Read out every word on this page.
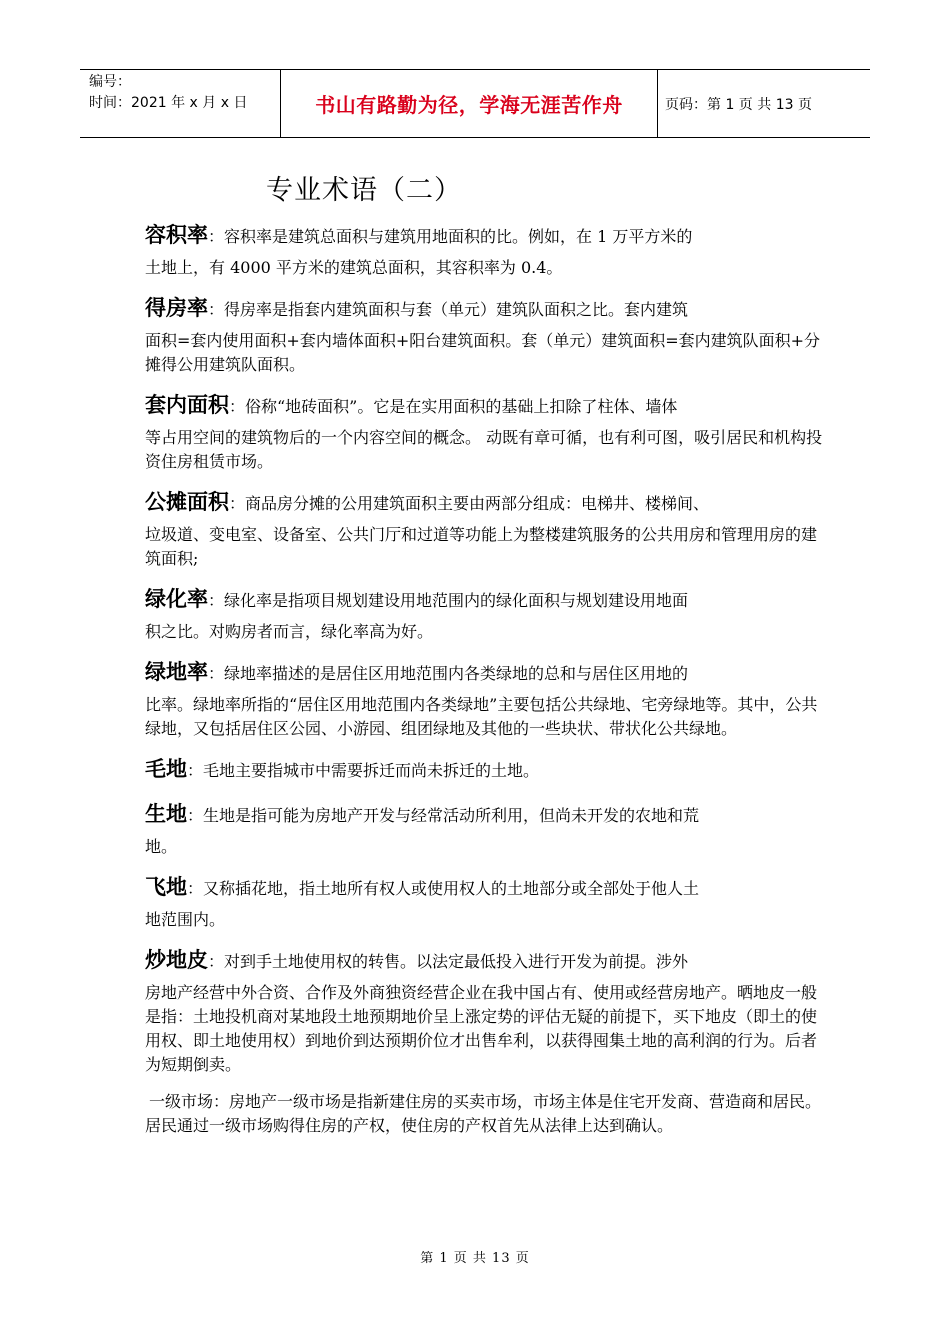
编号：
时间：2021 年 x 月 x 日	书山有路勤为径，学海无涯苦作舟	页码：第 1 页 共 13 页
专业术语（二）
容积率：容积率是建筑总面积与建筑用地面积的比。例如，在 1 万平方米的
土地上，有 4000 平方米的建筑总面积，其容积率为 0.4。
得房率：得房率是指套内建筑面积与套（单元）建筑队面积之比。套内建筑
面积=套内使用面积+套内墙体面积+阳台建筑面积。套（单元）建筑面积=套内建筑队面积+分摊得公用建筑队面积。
套内面积：俗称“地砖面积”。它是在实用面积的基础上扣除了柱体、墙体
等占用空间的建筑物后的一个内容空间的概念。 动既有章可循，也有利可图，吸引居民和机构投资住房租赁市场。
公摊面积：商品房分摊的公用建筑面积主要由两部分组成：电梯井、楼梯间、
垃圾道、变电室、设备室、公共门厅和过道等功能上为整楼建筑服务的公共用房和管理用房的建筑面积;
绿化率：绿化率是指项目规划建设用地范围内的绿化面积与规划建设用地面
积之比。对购房者而言，绿化率高为好。
绿地率：绿地率描述的是居住区用地范围内各类绿地的总和与居住区用地的
比率。绿地率所指的“居住区用地范围内各类绿地”主要包括公共绿地、宅旁绿地等。其中，公共绿地，又包括居住区公园、小游园、组团绿地及其他的一些块状、带状化公共绿地。
毛地：毛地主要指城市中需要拆迁而尚未拆迁的土地。
生地：生地是指可能为房地产开发与经常活动所利用，但尚未开发的农地和荒
地。
飞地：又称插花地，指土地所有权人或使用权人的土地部分或全部处于他人土
地范围内。
炒地皮：对到手土地使用权的转售。以法定最低投入进行开发为前提。涉外
房地产经营中外合资、合作及外商独资经营企业在我中国占有、使用或经营房地产。晒地皮一般是指：土地投机商对某地段土地预期地价呈上涨定势的评估无疑的前提下，买下地皮（即土的使用权、即土地使用权）到地价到达预期价位才出售牟利，以获得囤集土地的高利润的行为。后者为短期倒卖。

一级市场：房地产一级市场是指新建住房的买卖市场，市场主体是住宅开发商、营造商和居民。居民通过一级市场购得住房的产权，使住房的产权首先从法律上达到确认。

第 1 页 共 13 页
